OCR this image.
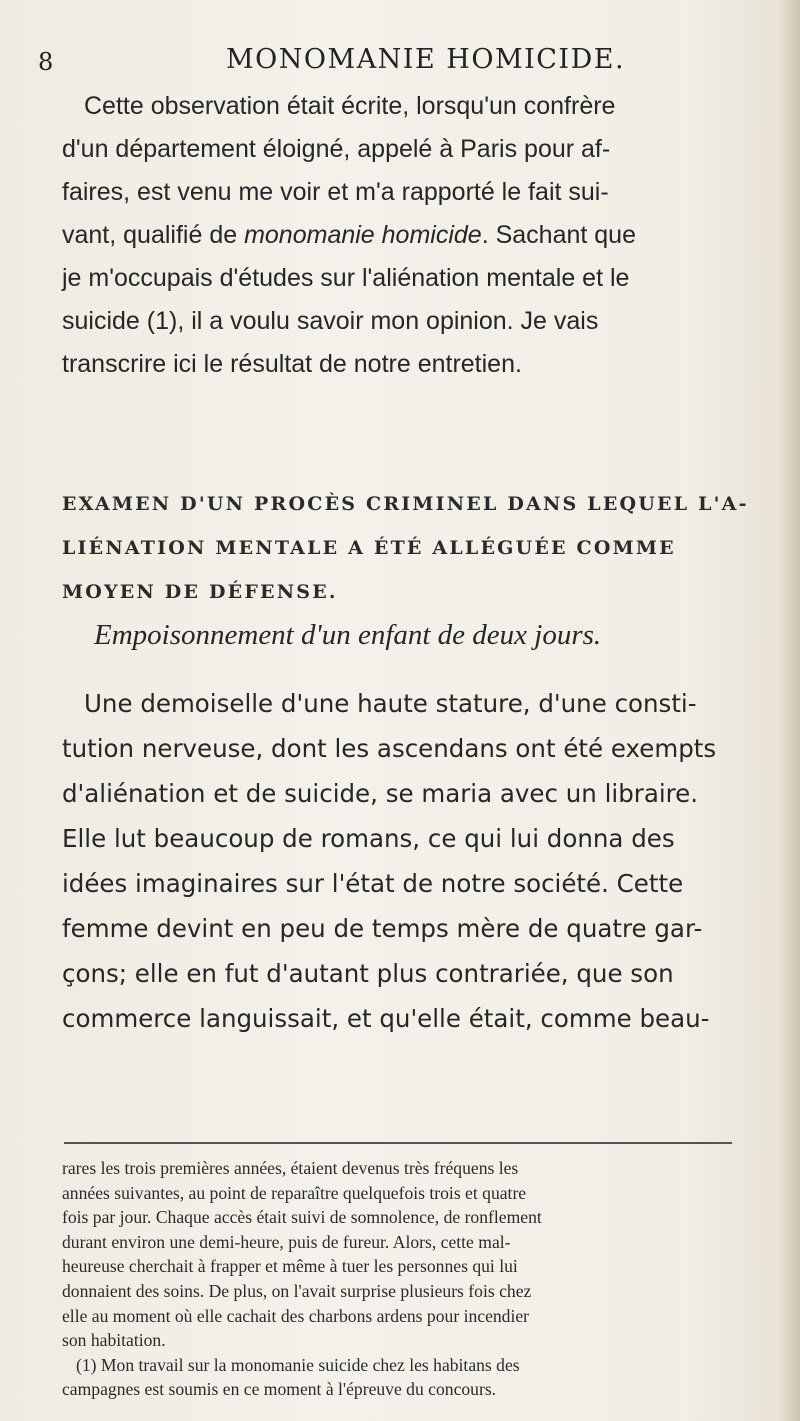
8	MONOMANIE HOMICIDE.
Cette observation était écrite, lorsqu'un confrère
d'un département éloigné, appelé à Paris pour af-
faires, est venu me voir et m'a rapporté le fait sui-
vant, qualifié de monomanie homicide. Sachant que
je m'occupais d'études sur l'aliénation mentale et le
suicide (1), il a voulu savoir mon opinion. Je vais
transcrire ici le résultat de notre entretien.
EXAMEN D'UN PROCÈS CRIMINEL DANS LEQUEL L'A-
LIÉNATION MENTALE A ÉTÉ ALLÉGUÉE COMME
MOYEN DE DÉFENSE.
Empoisonnement d'un enfant de deux jours.
Une demoiselle d'une haute stature, d'une consti-
tution nerveuse, dont les ascendans ont été exempts
d'aliénation et de suicide, se maria avec un libraire.
Elle lut beaucoup de romans, ce qui lui donna des
idées imaginaires sur l'état de notre société. Cette
femme devint en peu de temps mère de quatre gar-
çons; elle en fut d'autant plus contrariée, que son
commerce languissait, et qu'elle était, comme beau-
rares les trois premières années, étaient devenus très fréquens les
années suivantes, au point de reparaître quelquefois trois et quatre
fois par jour. Chaque accès était suivi de somnolence, de ronflement
durant environ une demi-heure, puis de fureur. Alors, cette mal-
heureuse cherchait à frapper et même à tuer les personnes qui lui
donnaient des soins. De plus, on l'avait surprise plusieurs fois chez
elle au moment où elle cachait des charbons ardens pour incendier
son habitation.
(1) Mon travail sur la monomanie suicide chez les habitans des
campagnes est soumis en ce moment à l'épreuve du concours.
